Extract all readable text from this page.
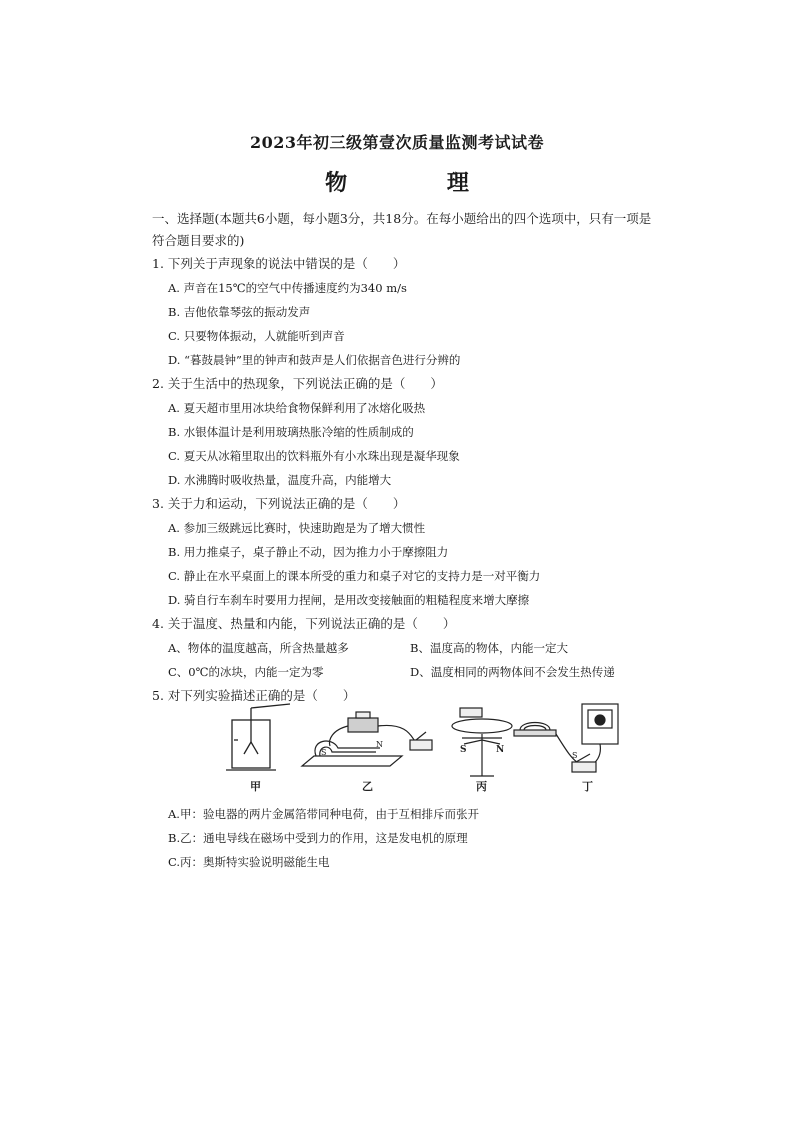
2023年初三级第壹次质量监测考试试卷
物 理
一、选择题(本题共6小题，每小题3分，共18分。在每小题给出的四个选项中，只有一项是符合题目要求的)
1. 下列关于声现象的说法中错误的是（　　）
A. 声音在15℃的空气中传播速度约为340 m/s
B. 吉他依靠琴弦的振动发声
C. 只要物体振动，人就能听到声音
D. “暮鼓晨钟”里的钟声和鼓声是人们依据音色进行分辨的
2. 关于生活中的热现象，下列说法正确的是（　　）
A. 夏天超市里用冰块给食物保鲜利用了冰熔化吸热
B. 水银体温计是利用玻璃热胀冷缩的性质制成的
C. 夏天从冰箱里取出的饮料瓶外有小水珠出现是凝华现象
D. 水沸腾时吸收热量，温度升高，内能增大
3. 关于力和运动，下列说法正确的是（　　）
A. 参加三级跳远比赛时，快速助跑是为了增大惯性
B. 用力推桌子，桌子静止不动，因为推力小于摩擦阻力
C. 静止在水平桌面上的课本所受的重力和桌子对它的支持力是一对平衡力
D. 骑自行车刹车时要用力捏闸，是用改变接触面的粗糙程度来增大摩擦
4. 关于温度、热量和内能，下列说法正确的是（　　）
A、物体的温度越高，所含热量越多	B、温度高的物体，内能一定大
C、0℃的冰块，内能一定为零	D、温度相同的两物体间不会发生热传递
5. 对下列实验描述正确的是（　　）
S
N
S	N
S
甲	乙	丙	丁
A.甲：验电器的两片金属箔带同种电荷，由于互相排斥而张开
B.乙：通电导线在磁场中受到力的作用，这是发电机的原理
C.丙：奥斯特实验说明磁能生电
